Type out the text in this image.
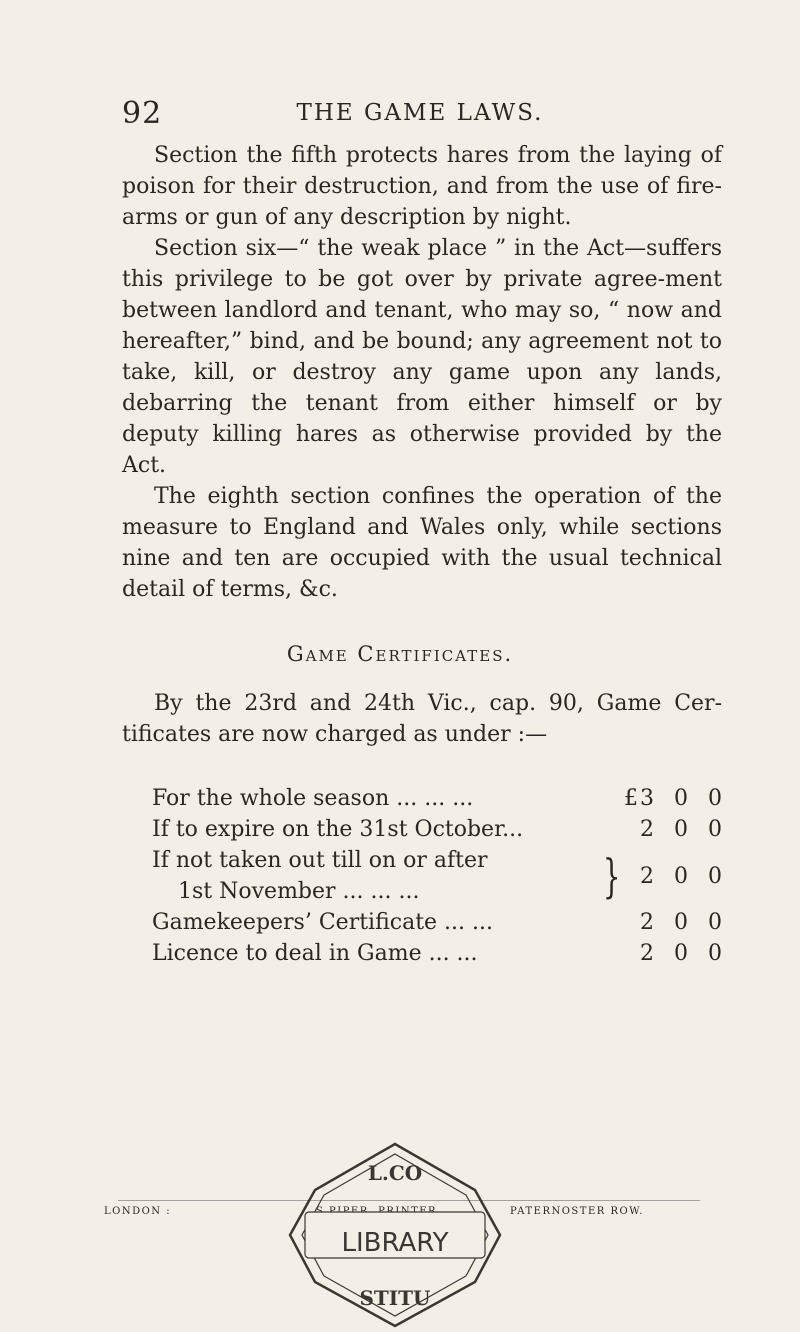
92	THE GAME LAWS.

Section the fifth protects hares from the laying of poison for their destruction, and from the use of fire-arms or gun of any description by night.

Section six—“ the weak place ” in the Act—suffers this privilege to be got over by private agree-ment between landlord and tenant, who may so, “ now and hereafter,” bind, and be bound; any agreement not to take, kill, or destroy any game upon any lands, debarring the tenant from either himself or by deputy killing hares as otherwise provided by the Act.

The eighth section confines the operation of the measure to England and Wales only, while sections nine and ten are occupied with the usual technical detail of terms, &c.

Game Certificates.

By the 23rd and 24th Vic., cap. 90, Game Cer-tificates are now charged as under :—

For the whole season ... ... ...	£3  0  0
If to expire on the 31st October...	2  0  0
If not taken out till on or after
1st November ... ... ...	} 2  0  0
Gamekeepers’ Certificate ... ...	2  0  0
Licence to deal in Game ... ...	2  0  0
LONDON :	PATERNOSTER ROW.
L.CO
LIBRARY
STITU
